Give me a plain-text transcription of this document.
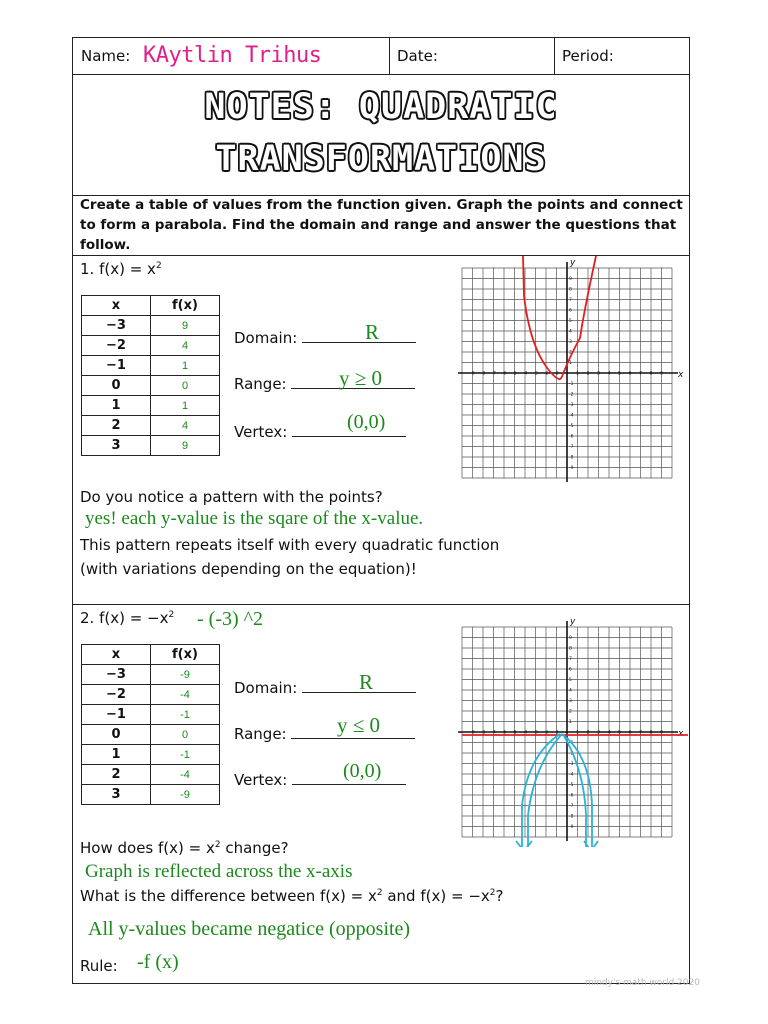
Name: KAytlin Trihus	Date:	Period:
NOTES: QUADRATIC
TRANSFORMATIONS
Create a table of values from the function given. Graph the points and connect to form a parabola. Find the domain and range and answer the questions that follow.
1. $f(x) = x^2$
x	f(x)
−3	9
−2	4
−1	1
0	0
1	1
2	4
3	9
Domain:	R
Range:	y ≥ 0
Vertex:	(0,0)
x
y
-9
-9
-8
-8
-7
-7
-6
-6
-5
-5
-4
-4
-3
-3
-2
-2
-1
-1
1
1
2
2
3
3
4
4
5
5
6
6
7
7
8
8
9
9
Do you notice a pattern with the points?
yes! each y-value is the sqare of the x-value.
This pattern repeats itself with every quadratic function
(with variations depending on the equation)!
2. $f(x) = -x^2 - (-3)$ ^2
x	f(x)
−3	-9
−2	-4
−1	-1
0	0
1	-1
2	-4
3	-9
Domain:	R
Range:	y ≤ 0
Vertex:	(0,0)
x
y
-9
-9
-8
-8
-7
-7
-6
-6
-5
-5
-4
-4
-3
-3
-2
-2
-1
-1
1
1
2
2
3
3
4
4
5
5
6
6
7
7
8
8
9
9
How does $f(x) = x^2$ change?
Graph is reflected across the x-axis
What is the difference between $f(x) = x^2$ and $f(x) = -x^2$?
All y-values became negatice (opposite)
Rule: -f (x)
mindy's math world 2020
